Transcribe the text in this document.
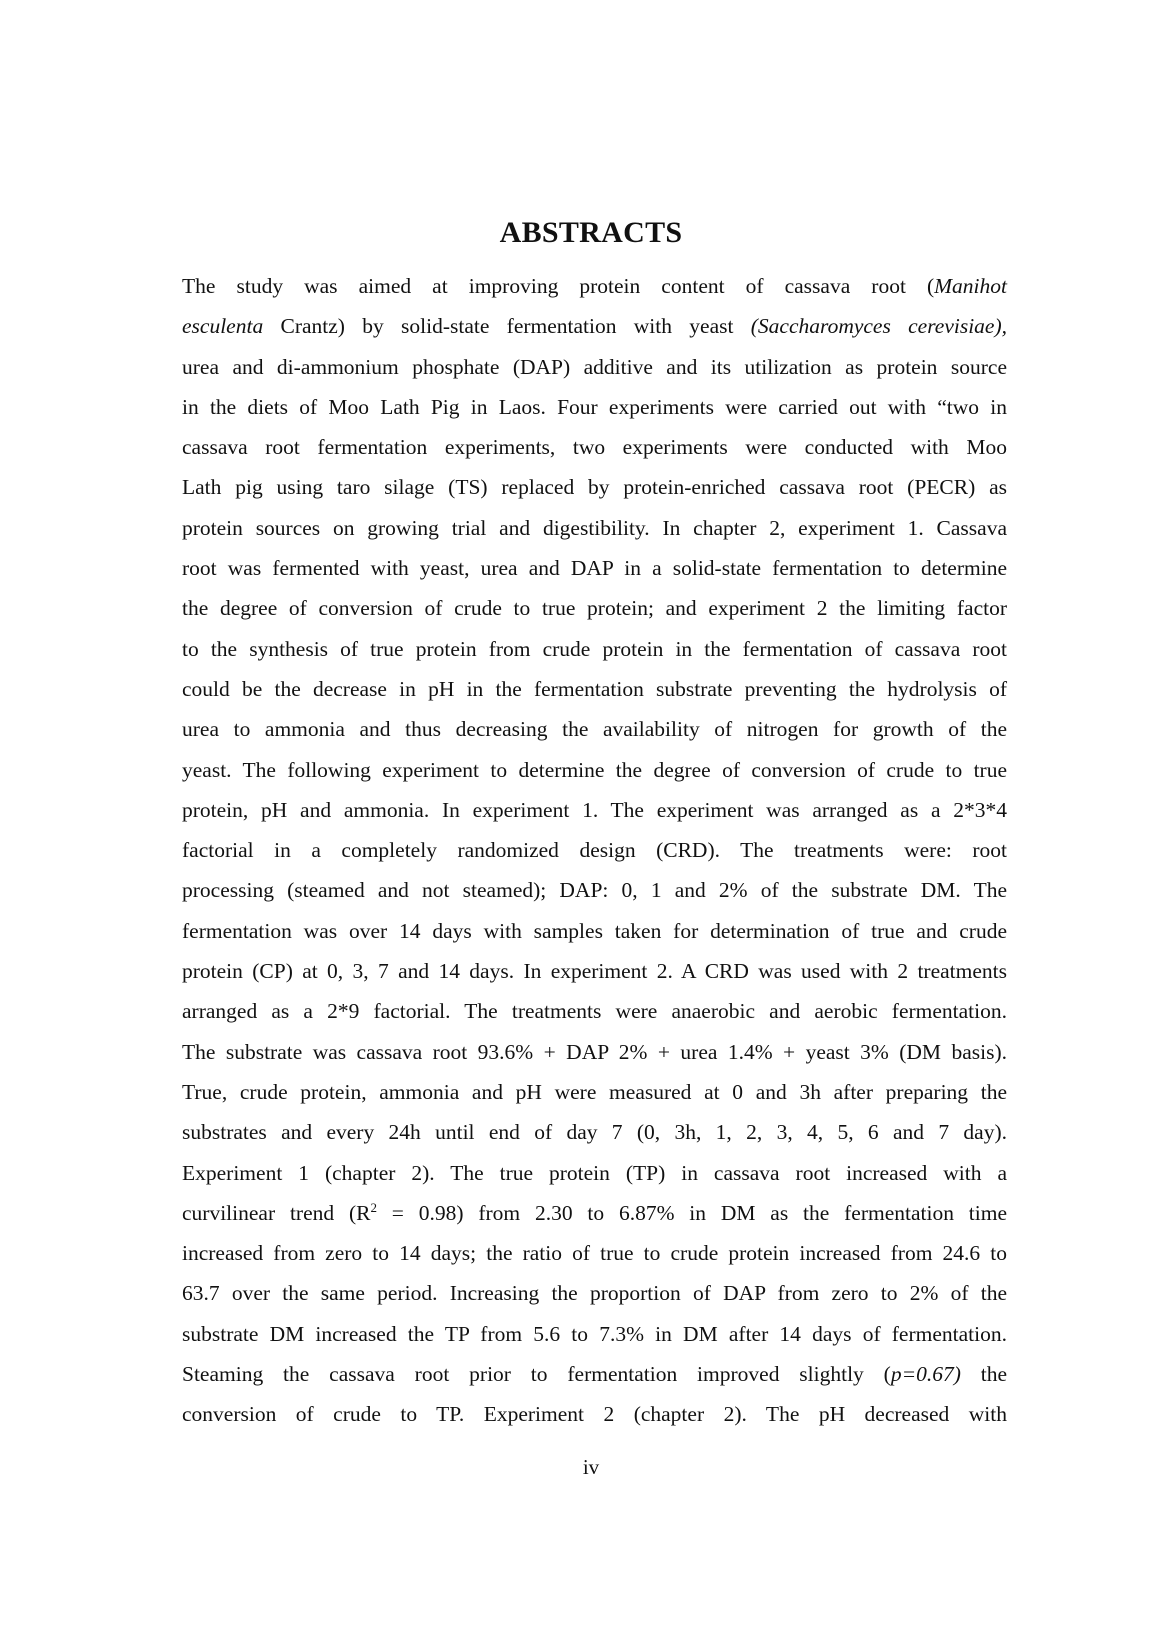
ABSTRACTS
The study was aimed at improving protein content of cassava root (Manihot
esculenta Crantz) by solid-state fermentation with yeast (Saccharomyces cerevisiae),
urea and di-ammonium phosphate (DAP) additive and its utilization as protein source
in the diets of Moo Lath Pig in Laos. Four experiments were carried out with “two in
cassava root fermentation experiments, two experiments were conducted with Moo
Lath pig using taro silage (TS) replaced by protein-enriched cassava root (PECR) as
protein sources on growing trial and digestibility. In chapter 2, experiment 1. Cassava
root was fermented with yeast, urea and DAP in a solid-state fermentation to determine
the degree of conversion of crude to true protein; and experiment 2 the limiting factor
to the synthesis of true protein from crude protein in the fermentation of cassava root
could be the decrease in pH in the fermentation substrate preventing the hydrolysis of
urea to ammonia and thus decreasing the availability of nitrogen for growth of the
yeast. The following experiment to determine the degree of conversion of crude to true
protein, pH and ammonia. In experiment 1. The experiment was arranged as a 2*3*4
factorial in a completely randomized design (CRD). The treatments were: root
processing (steamed and not steamed); DAP: 0, 1 and 2% of the substrate DM. The
fermentation was over 14 days with samples taken for determination of true and crude
protein (CP) at 0, 3, 7 and 14 days. In experiment 2. A CRD was used with 2 treatments
arranged as a 2*9 factorial. The treatments were anaerobic and aerobic fermentation.
The substrate was cassava root 93.6% + DAP 2% + urea 1.4% + yeast 3% (DM basis).
True, crude protein, ammonia and pH were measured at 0 and 3h after preparing the
substrates and every 24h until end of day 7 (0, 3h, 1, 2, 3, 4, 5, 6 and 7 day).
Experiment 1 (chapter 2). The true protein (TP) in cassava root increased with a
curvilinear trend $(R^2 = 0.98)$ from 2.30 to 6.87% in DM as the fermentation time
increased from zero to 14 days; the ratio of true to crude protein increased from 24.6 to
63.7 over the same period. Increasing the proportion of DAP from zero to 2% of the
substrate DM increased the TP from 5.6 to 7.3% in DM after 14 days of fermentation.
Steaming the cassava root prior to fermentation improved slightly (p=0.67) the
conversion of crude to TP. Experiment 2 (chapter 2). The pH decreased with
iv
